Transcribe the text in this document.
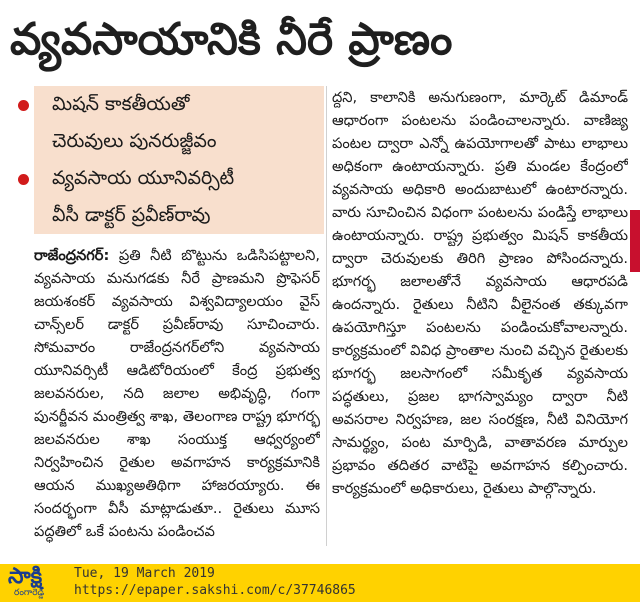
వ్యవసాయానికి నీరే ప్రాణం
మిషన్ కాకతీయతో
చెరువులు పునరుజ్జీవం
వ్యవసాయ యూనివర్సిటీ
వీసీ డాక్టర్ ప్రవీణ్‌రావు
రాజేంద్రనగర్: ప్రతి నీటి బొట్టును ఒడిసిపట్టాలని, వ్యవసాయ మనుగడకు నీరే ప్రాణమని ప్రొఫెసర్ జయశంకర్ వ్యవసాయ విశ్వవిద్యాలయం వైస్ చాన్స్‌లర్ డాక్టర్ ప్రవీణ్‌రావు సూచించారు. సోమవారం రాజేంద్రనగర్‌లోని వ్యవసాయ యూనివర్సిటీ ఆడిటోరియంలో కేంద్ర ప్రభుత్వ జలవనరుల, నది జలాల అభివృద్ధి, గంగా పునర్జీవన మంత్రిత్వ శాఖ, తెలంగాణ రాష్ట్ర భూగర్భ జలవనరుల శాఖ సంయుక్త ఆధ్వర్యంలో నిర్వహించిన రైతుల అవగాహన కార్యక్రమానికి ఆయన ముఖ్యఅతిథిగా హాజరయ్యారు. ఈ సందర్భంగా వీసీ మాట్లాడుతూ.. రైతులు మూస పద్ధతిలో ఒకే పంటను పండించవ
ద్దని, కాలానికి అనుగుణంగా, మార్కెట్ డిమాండ్ ఆధారంగా పంటలను పండించాలన్నారు. వాణిజ్య పంటల ద్వారా ఎన్నో ఉపయోగాలతో పాటు లాభాలు అధికంగా ఉంటాయన్నారు. ప్రతి మండల కేంద్రంలో వ్యవసాయ అధికారి అందుబాటులో ఉంటారన్నారు. వారు సూచించిన విధంగా పంటలను పండిస్తే లాభాలు ఉంటాయన్నారు. రాష్ట్ర ప్రభుత్వం మిషన్ కాకతీయ ద్వారా చెరువులకు తిరిగి ప్రాణం పోసిందన్నారు. భూగర్భ జలాలతోనే వ్యవసాయ ఆధారపడి ఉందన్నారు. రైతులు నీటిని వీలైనంత తక్కువగా ఉపయోగిస్తూ పంటలను పండించుకోవాలన్నారు. కార్యక్రమంలో వివిధ ప్రాంతాల నుంచి వచ్చిన రైతులకు భూగర్భ జలసాగంలో సమీకృత వ్యవసాయ పద్ధతులు, ప్రజల భాగస్వామ్యం ద్వారా నీటి అవసరాల నిర్వహణ, జల సంరక్షణ, నీటి వినియోగ సామర్థ్యం, పంట మార్పిడి, వాతావరణ మార్పుల ప్రభావం తదితర వాటిపై అవగాహన కల్పించారు. కార్యక్రమంలో అధికారులు, రైతులు పాల్గొన్నారు.
సాక్షి
రంగారెడ్డి
Tue, 19 March 2019
https://epaper.sakshi.com/c/37746865
